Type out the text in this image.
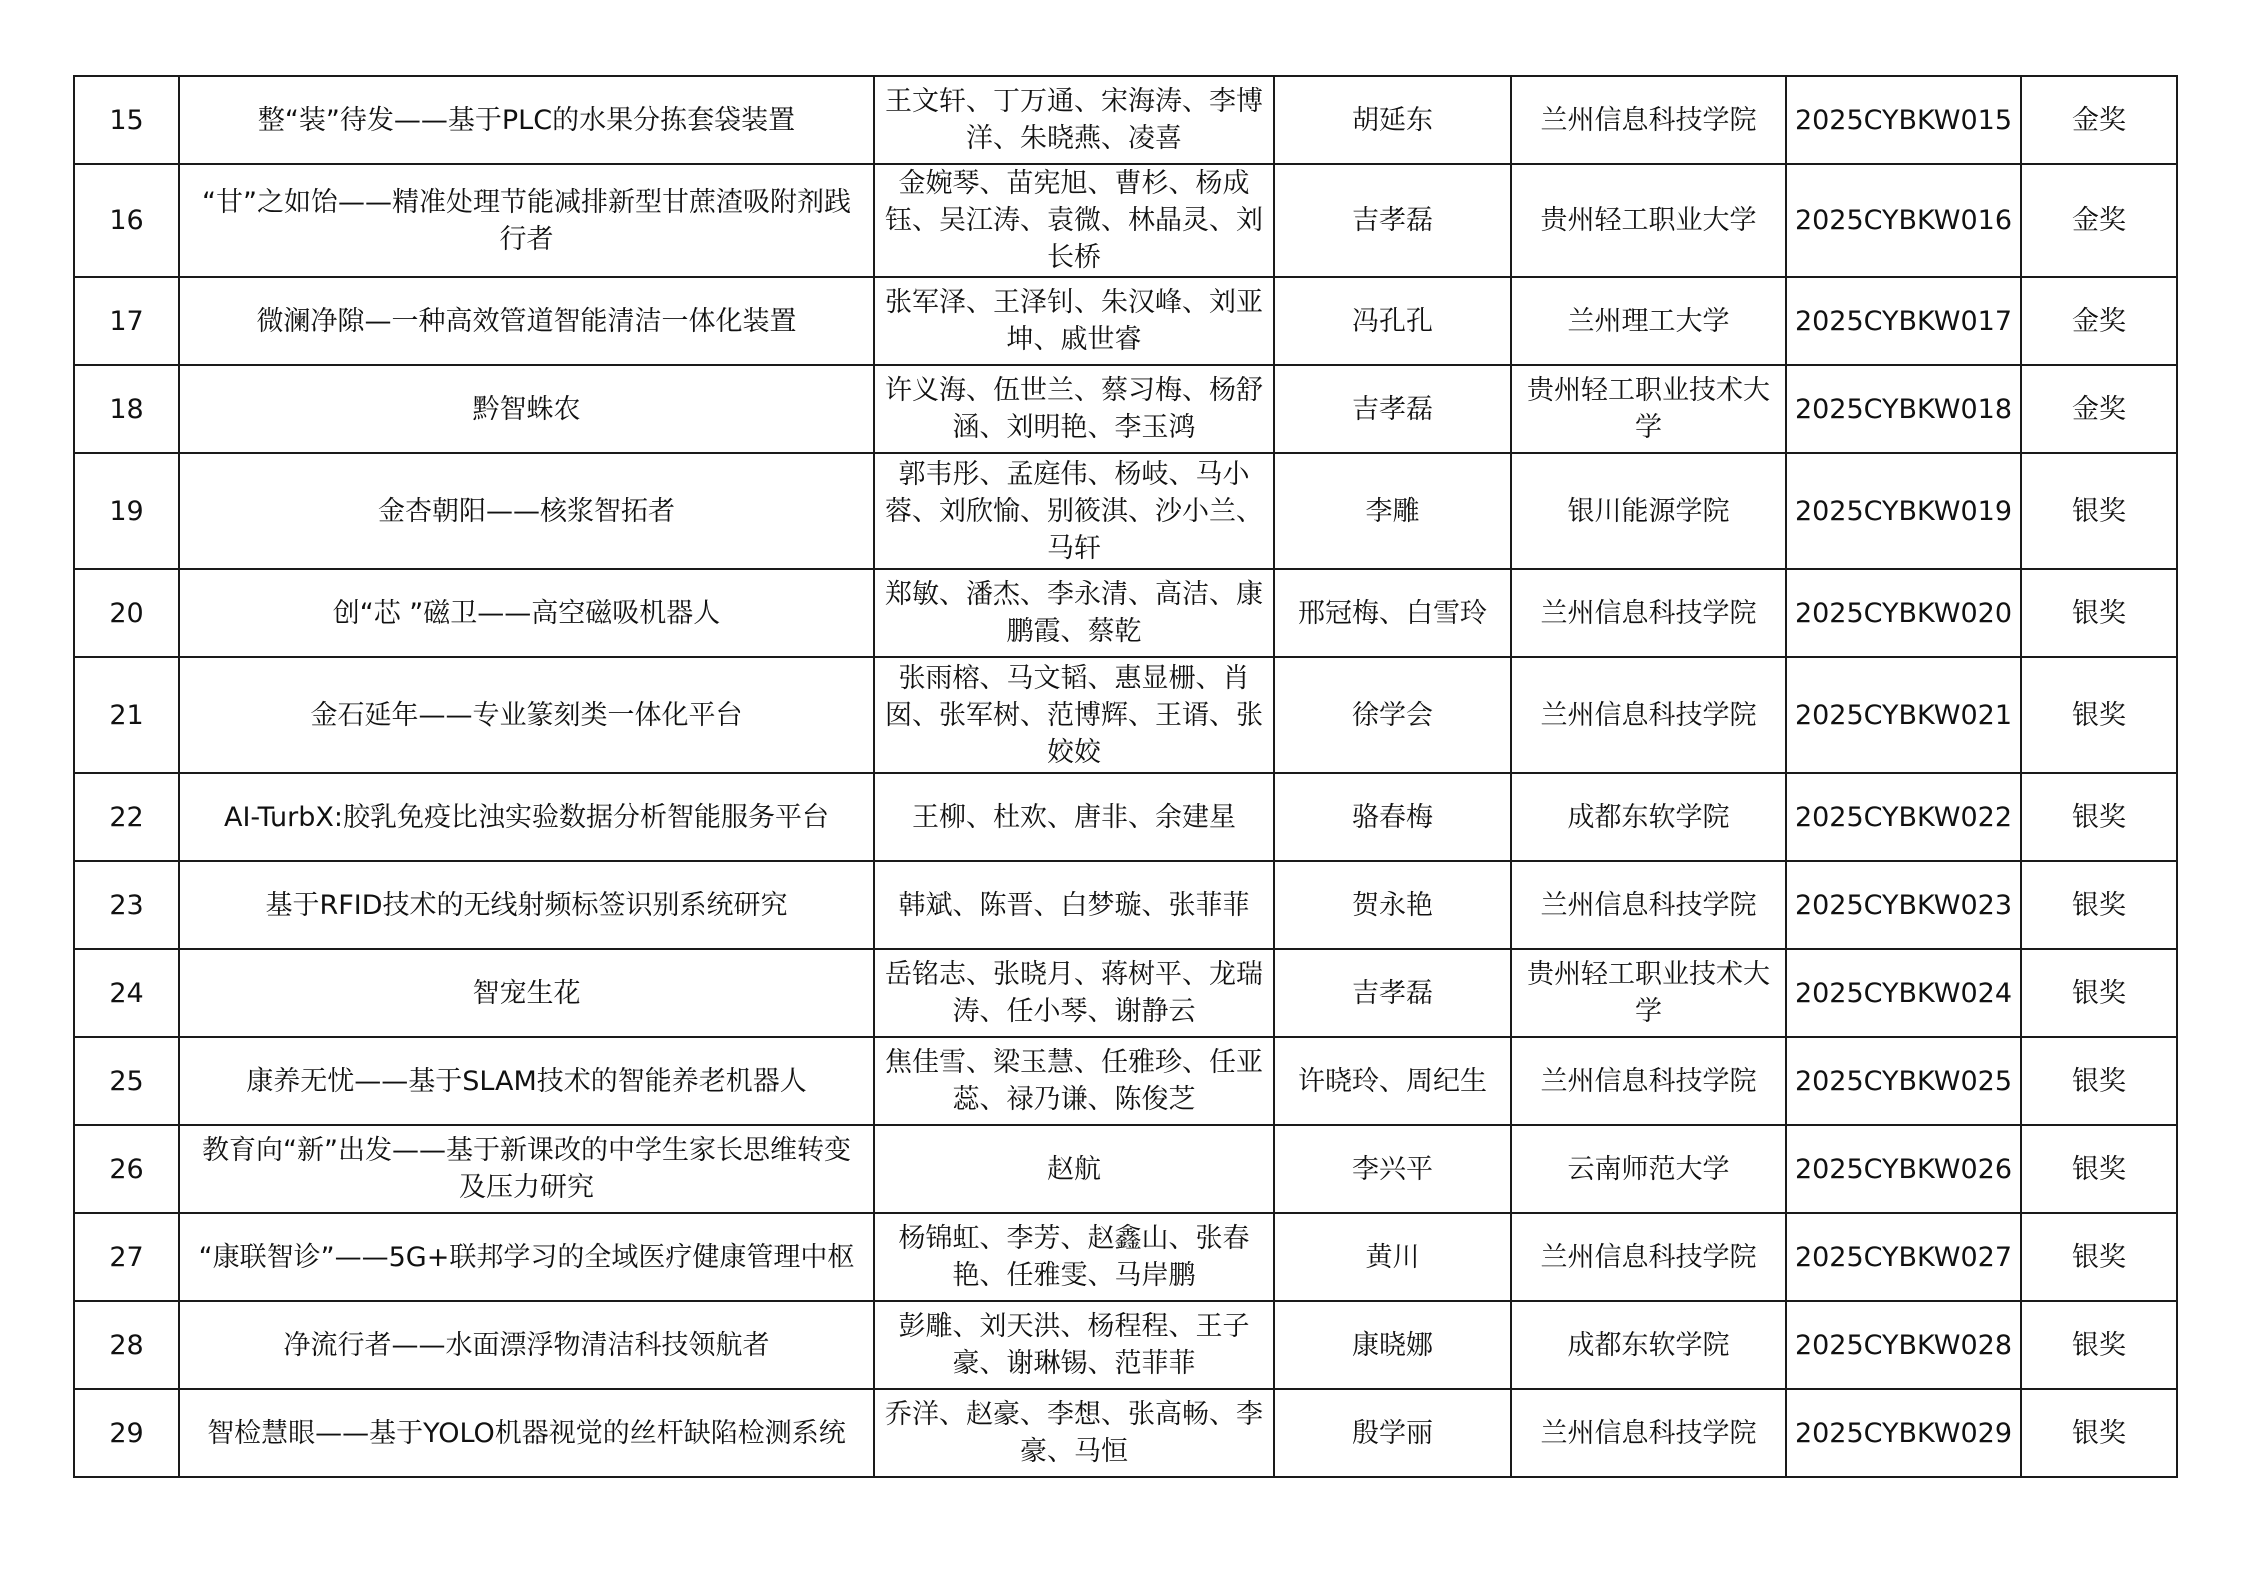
15	整“装”待发——基于PLC的水果分拣套袋装置	王文轩、丁万通、宋海涛、李博洋、朱晓燕、凌喜	胡延东	兰州信息科技学院	2025CYBKW015	金奖
16	“甘”之如饴——精准处理节能减排新型甘蔗渣吸附剂践行者	金婉琴、苗宪旭、曹杉、杨成钰、吴江涛、袁微、林晶灵、刘长桥	吉孝磊	贵州轻工职业大学	2025CYBKW016	金奖
17	微澜净隙—一种高效管道智能清洁一体化装置	张军泽、王泽钊、朱汉峰、刘亚坤、戚世睿	冯孔孔	兰州理工大学	2025CYBKW017	金奖
18	黔智蛛农	许义海、伍世兰、蔡习梅、杨舒涵、刘明艳、李玉鸿	吉孝磊	贵州轻工职业技术大学	2025CYBKW018	金奖
19	金杏朝阳——核浆智拓者	郭韦彤、孟庭伟、杨岐、马小蓉、刘欣愉、别筱淇、沙小兰、马轩	李雕	银川能源学院	2025CYBKW019	银奖
20	创“芯 ”磁卫——高空磁吸机器人	郑敏、潘杰、李永清、高洁、康鹏霞、蔡乾	邢冠梅、白雪玲	兰州信息科技学院	2025CYBKW020	银奖
21	金石延年——专业篆刻类一体化平台	张雨榕、马文韬、惠显栅、肖囡、张军树、范博辉、王谞、张姣姣	徐学会	兰州信息科技学院	2025CYBKW021	银奖
22	AI-TurbX:胶乳免疫比浊实验数据分析智能服务平台	王柳、杜欢、唐非、余建星	骆春梅	成都东软学院	2025CYBKW022	银奖
23	基于RFID技术的无线射频标签识别系统研究	韩斌、陈晋、白梦璇、张菲菲	贺永艳	兰州信息科技学院	2025CYBKW023	银奖
24	智宠生花	岳铭志、张晓月、蒋树平、龙瑞涛、任小琴、谢静云	吉孝磊	贵州轻工职业技术大学	2025CYBKW024	银奖
25	康养无忧——基于SLAM技术的智能养老机器人	焦佳雪、梁玉慧、任雅珍、任亚蕊、禄乃谦、陈俊芝	许晓玲、周纪生	兰州信息科技学院	2025CYBKW025	银奖
26	教育向“新”出发——基于新课改的中学生家长思维转变及压力研究	赵航	李兴平	云南师范大学	2025CYBKW026	银奖
27	“康联智诊”——5G+联邦学习的全域医疗健康管理中枢	杨锦虹、李芳、赵鑫山、张春艳、任雅雯、马岸鹏	黄川	兰州信息科技学院	2025CYBKW027	银奖
28	净流行者——水面漂浮物清洁科技领航者	彭雕、刘天洪、杨程程、王子豪、谢琳锡、范菲菲	康晓娜	成都东软学院	2025CYBKW028	银奖
29	智检慧眼——基于YOLO机器视觉的丝杆缺陷检测系统	乔洋、赵豪、李想、张高畅、李豪、马恒	殷学丽	兰州信息科技学院	2025CYBKW029	银奖
